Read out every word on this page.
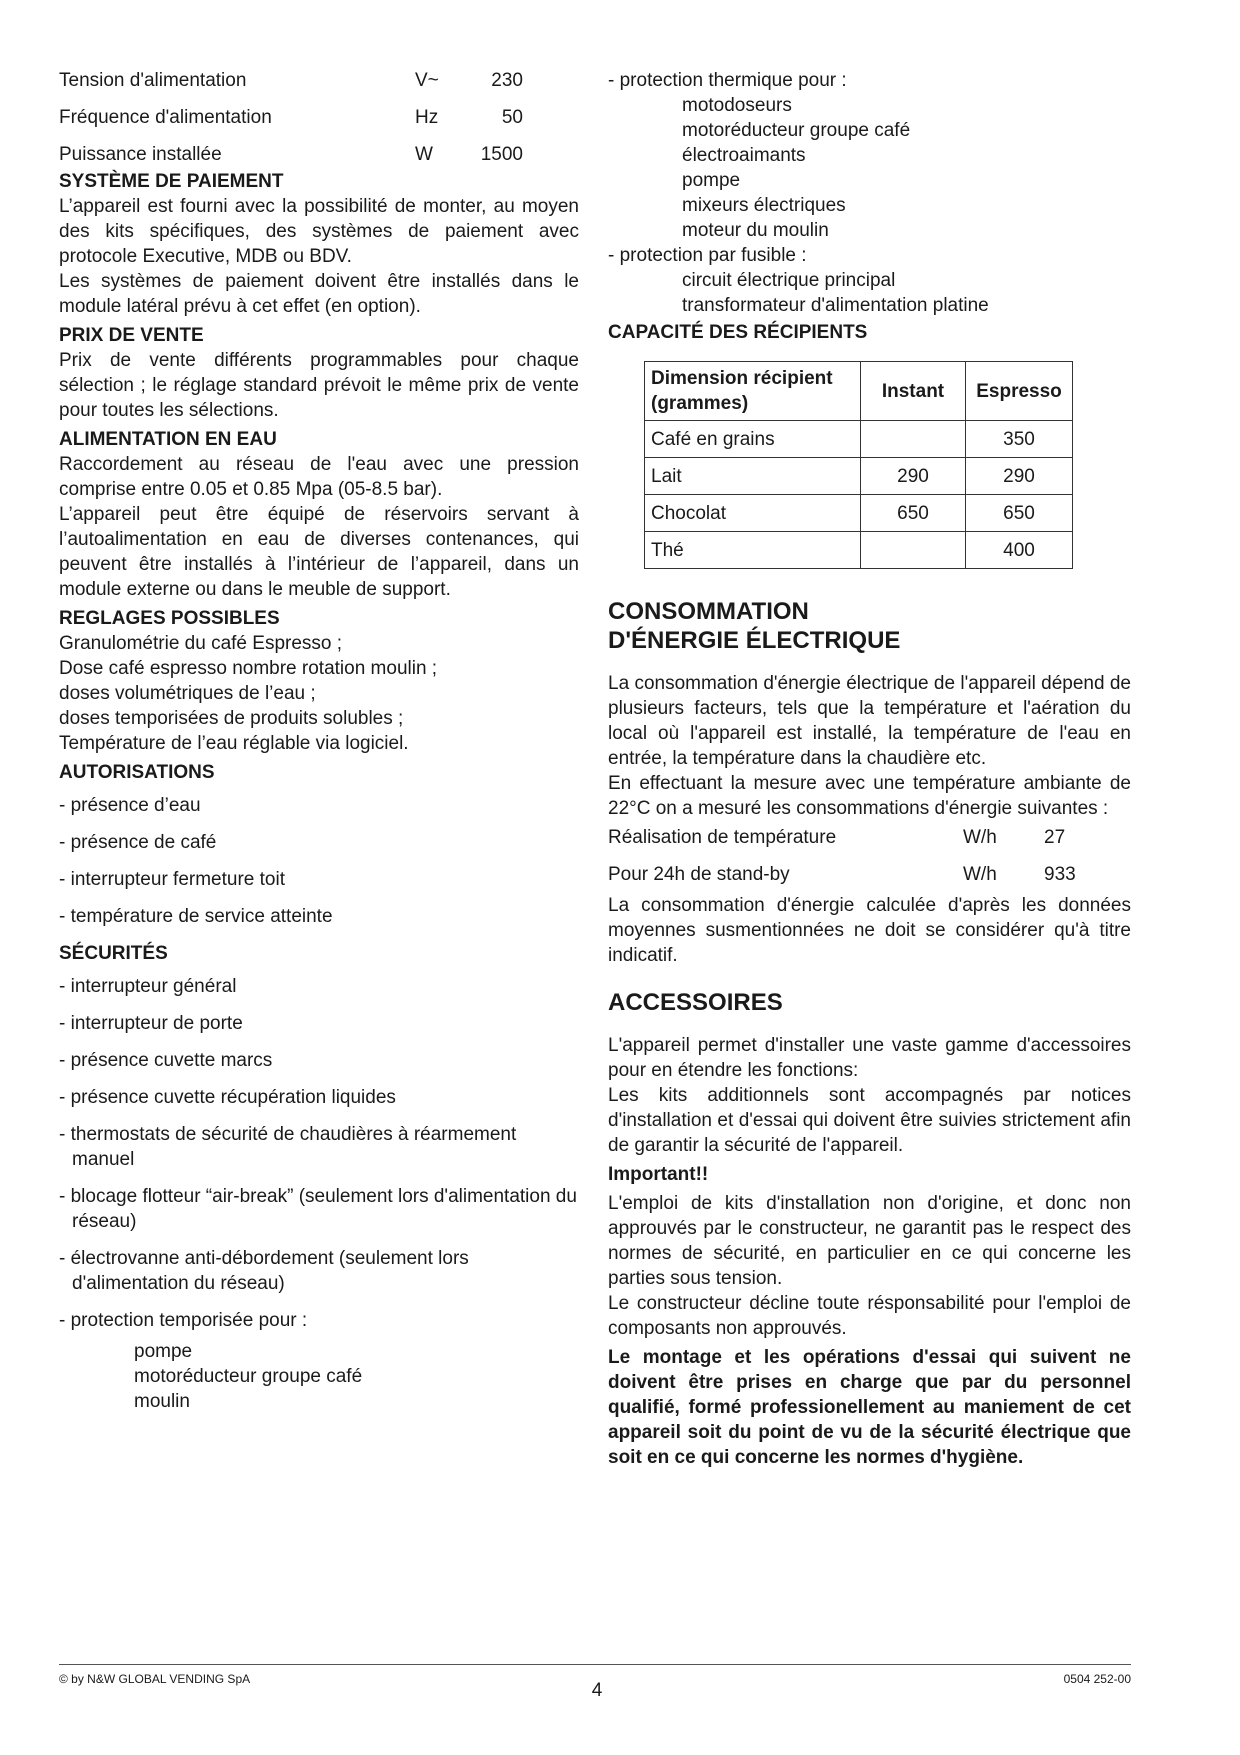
Tension d'alimentation	V~	230
Fréquence d'alimentation	Hz	50
Puissance installée	W	1500

SYSTÈME DE PAIEMENT

L’appareil est fourni avec la possibilité de monter, au moyen des kits spécifiques, des systèmes de paiement avec protocole Executive, MDB ou BDV.

Les systèmes de paiement doivent être installés dans le module latéral prévu à cet effet (en option).

PRIX DE VENTE

Prix de vente différents programmables pour chaque sélection ; le réglage standard prévoit le même prix de vente pour toutes les sélections.

ALIMENTATION EN EAU

Raccordement au réseau de l'eau avec une pression comprise entre 0.05 et 0.85 Mpa (05-8.5 bar).

L’appareil peut être équipé de réservoirs servant à l’autoalimentation en eau de diverses contenances, qui peuvent être installés à l’intérieur de l’appareil, dans un module externe ou dans le meuble de support.

REGLAGES POSSIBLES

Granulométrie du café Espresso ;

Dose café espresso nombre rotation moulin ;

doses volumétriques de l’eau ;

doses temporisées de produits solubles ;

Température de l’eau réglable via logiciel.

AUTORISATIONS

- présence d’eau

- présence de café

- interrupteur fermeture toit

- température de service atteinte

SÉCURITÉS

- interrupteur général

- interrupteur de porte

- présence cuvette marcs

- présence cuvette récupération liquides

- thermostats de sécurité de chaudières à réarmement manuel

- blocage flotteur “air-break” (seulement lors d'alimentation du réseau)

- électrovanne anti-débordement (seulement lors d'alimentation du réseau)

- protection temporisée pour :

pompe
motoréducteur groupe café
moulin

- protection thermique pour :

motodoseurs
motoréducteur groupe café
électroaimants
pompe
mixeurs électriques
moteur du moulin

- protection par fusible :

circuit électrique principal
transformateur d'alimentation platine

CAPACITÉ DES RÉCIPIENTS

Dimension récipient (grammes)	Instant	Espresso
Café en grains		350
Lait	290	290
Chocolat	650	650
Thé		400

CONSOMMATION

D'ÉNERGIE ÉLECTRIQUE

La consommation d'énergie électrique de l'appareil dépend de plusieurs facteurs, tels que la température et l'aération du local où l'appareil est installé, la température de l'eau en entrée, la température dans la chaudière etc.

En effectuant la mesure avec une température ambiante de 22°C on a mesuré les consommations d'énergie suivantes :

Réalisation de température	W/h 27
Pour 24h de stand-by	W/h 933

La consommation d'énergie calculée d'après les données moyennes susmentionnées ne doit se considérer qu'à titre indicatif.

ACCESSOIRES

L'appareil permet d'installer une vaste gamme d'accessoires pour en étendre les fonctions:

Les kits additionnels sont accompagnés par notices d'installation et d'essai qui doivent être suivies strictement afin de garantir la sécurité de l'appareil.

Important!!

L'emploi de kits d'installation non d'origine, et donc non approuvés par le constructeur, ne garantit pas le respect des normes de sécurité, en particulier en ce qui concerne les parties sous tension.

Le constructeur décline toute résponsabilité pour l'emploi de composants non approuvés.

Le montage et les opérations d'essai qui suivent ne doivent être prises en charge que par du personnel qualifié, formé professionellement au maniement de cet appareil soit du point de vu de la sécurité électrique que soit en ce qui concerne les normes d'hygiène.

© by N&W GLOBAL VENDING SpA
4
0504 252-00
